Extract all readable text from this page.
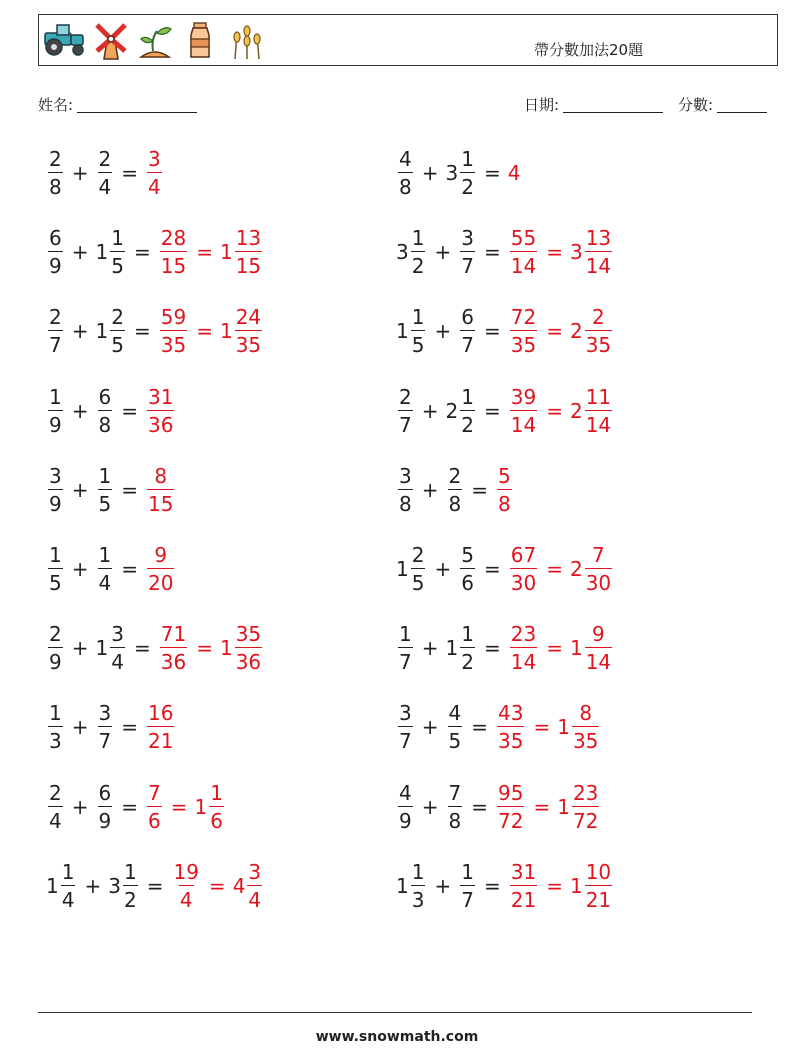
帶分數加法20題
姓名:	日期:	分數:
$\frac{2}{8} + \frac{2}{4} = \frac{3}{4}$	$\frac{4}{8} + 3 \frac{1}{2} = 4$
$\frac{6}{9} + 1 \frac{1}{5} = \frac{28}{15} = 1 \frac{13}{15}$	$3 \frac{1}{2} + \frac{3}{7} = \frac{55}{14} = 3 \frac{13}{14}$
$\frac{2}{7} + 1 \frac{2}{5} = \frac{59}{35} = 1 \frac{24}{35}$	$1 \frac{1}{5} + \frac{6}{7} = \frac{72}{35} = 2 \frac{2}{35}$
$\frac{1}{9} + \frac{6}{8} = \frac{31}{36}$	$\frac{2}{7} + 2 \frac{1}{2} = \frac{39}{14} = 2 \frac{11}{14}$
$\frac{3}{9} + \frac{1}{5} = \frac{8}{15}$	$\frac{3}{8} + \frac{2}{8} = \frac{5}{8}$
$\frac{1}{5} + \frac{1}{4} = \frac{9}{20}$	$1 \frac{2}{5} + \frac{5}{6} = \frac{67}{30} = 2 \frac{7}{30}$
$\frac{2}{9} + 1 \frac{3}{4} = \frac{71}{36} = 1 \frac{35}{36}$	$\frac{1}{7} + 1 \frac{1}{2} = \frac{23}{14} = 1 \frac{9}{14}$
$\frac{1}{3} + \frac{3}{7} = \frac{16}{21}$	$\frac{3}{7} + \frac{4}{5} = \frac{43}{35} = 1 \frac{8}{35}$
$\frac{2}{4} + \frac{6}{9} = \frac{7}{6} = 1 \frac{1}{6}$	$\frac{4}{9} + \frac{7}{8} = \frac{95}{72} = 1 \frac{23}{72}$
$1 \frac{1}{4} + 3 \frac{1}{2} = \frac{19}{4} = 4 \frac{3}{4}$	$1 \frac{1}{3} + \frac{1}{7} = \frac{31}{21} = 1 \frac{10}{21}$
www.snowmath.com
